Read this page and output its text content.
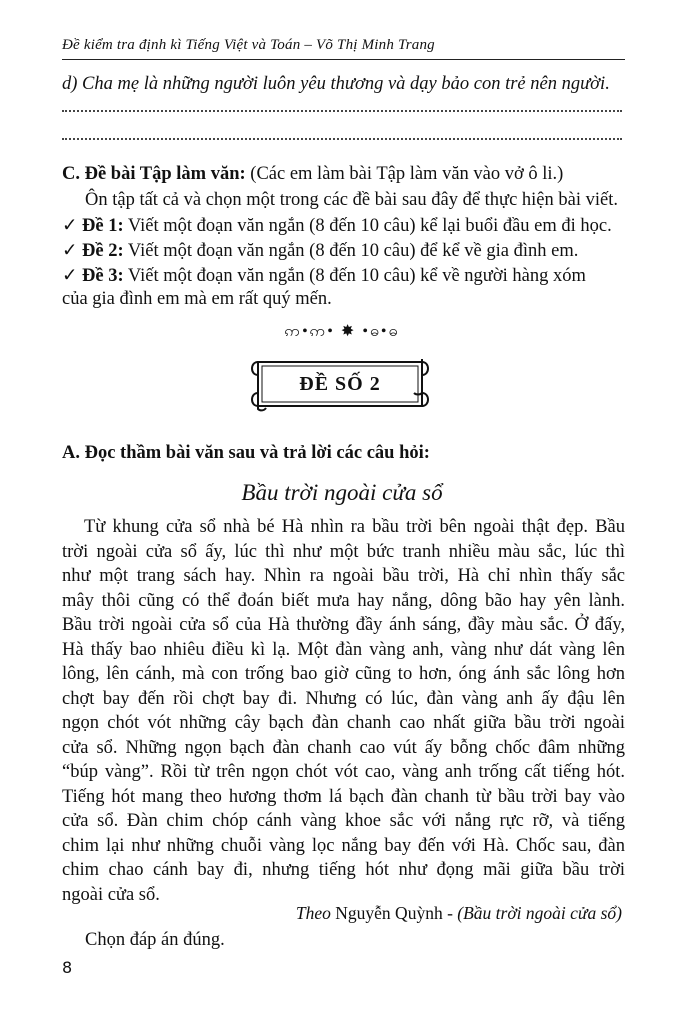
Đề kiểm tra định kì Tiếng Việt và Toán – Võ Thị Minh Trang
d) Cha mẹ là những người luôn yêu thương và dạy bảo con trẻ nên người.
C. Đề bài Tập làm văn: (Các em làm bài Tập làm văn vào vở ô li.)
Ôn tập tất cả và chọn một trong các đề bài sau đây để thực hiện bài viết.
✓ Đề 1: Viết một đoạn văn ngắn (8 đến 10 câu) kể lại buổi đầu em đi học.
✓ Đề 2: Viết một đoạn văn ngắn (8 đến 10 câu) để kể về gia đình em.
✓ Đề 3: Viết một đoạn văn ngắn (8 đến 10 câu) kể về người hàng xóm
của gia đình em mà em rất quý mến.
ဢ•ဢ• ✸ •ဓ•ဓ
ĐỀ SỐ 2
A. Đọc thầm bài văn sau và trả lời các câu hỏi:
Bầu trời ngoài cửa sổ

Từ khung cửa sổ nhà bé Hà nhìn ra bầu trời bên ngoài thật đẹp. Bầu

trời ngoài cửa sổ ấy, lúc thì như một bức tranh nhiều màu sắc, lúc thì

như một trang sách hay. Nhìn ra ngoài bầu trời, Hà chỉ nhìn thấy sắc

mây thôi cũng có thể đoán biết mưa hay nắng, dông bão hay yên lành.

Bầu trời ngoài cửa sổ của Hà thường đầy ánh sáng, đầy màu sắc. Ở đấy,

Hà thấy bao nhiêu điều kì lạ. Một đàn vàng anh, vàng như dát vàng lên

lông, lên cánh, mà con trống bao giờ cũng to hơn, óng ánh sắc lông hơn

chợt bay đến rồi chợt bay đi. Nhưng có lúc, đàn vàng anh ấy đậu lên

ngọn chót vót những cây bạch đàn chanh cao nhất giữa bầu trời ngoài

cửa sổ. Những ngọn bạch đàn chanh cao vút ấy bỗng chốc đâm những

“búp vàng”. Rồi từ trên ngọn chót vót cao, vàng anh trống cất tiếng hót.

Tiếng hót mang theo hương thơm lá bạch đàn chanh từ bầu trời bay vào

cửa sổ. Đàn chim chóp cánh vàng khoe sắc với nắng rực rỡ, và tiếng

chim lại như những chuỗi vàng lọc nắng bay đến với Hà. Chốc sau, đàn

chim chao cánh bay đi, nhưng tiếng hót như đọng mãi giữa bầu trời

ngoài cửa sổ.

Theo Nguyễn Quỳnh - (Bầu trời ngoài cửa sổ)
Chọn đáp án đúng.
8
